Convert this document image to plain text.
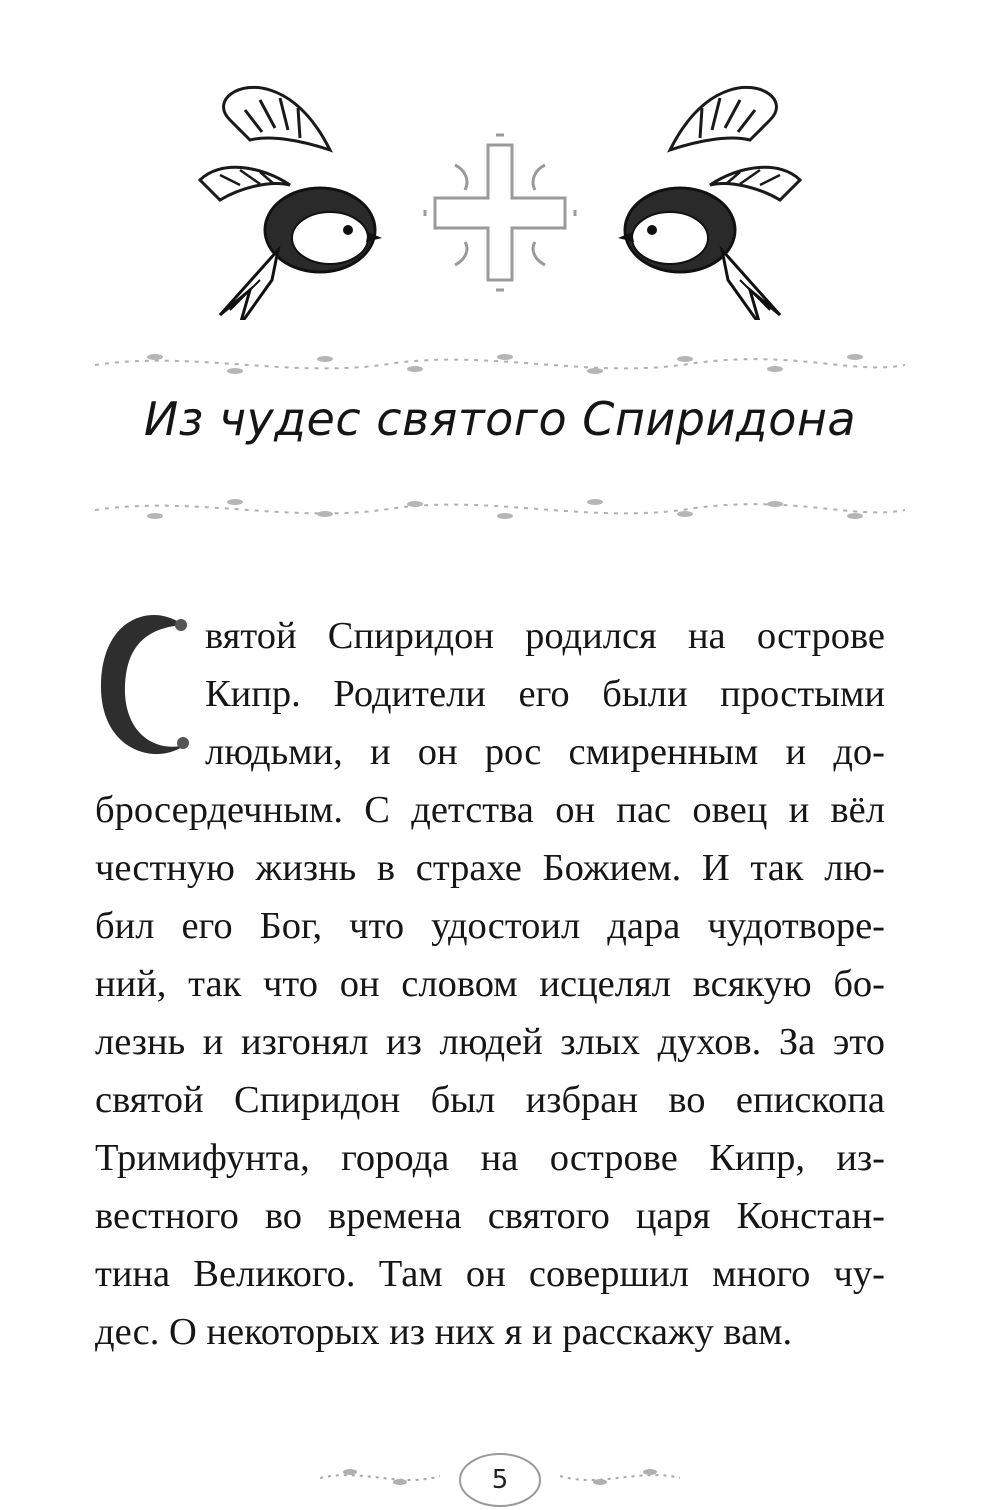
Из чудес святого Спиридона
вятой Спиридон родился на острове
Кипр. Родители его были простыми
людьми, и он рос смиренным и до-
бросердечным. С детства он пас овец и вёл
честную жизнь в страхе Божием. И так лю-
бил его Бог, что удостоил дара чудотворе-
ний, так что он словом исцелял всякую бо-
лезнь и изгонял из людей злых духов. За это
святой Спиридон был избран во епископа
Тримифунта, города на острове Кипр, из-
вестного во времена святого царя Констан-
тина Великого. Там он совершил много чу-
дес. О некоторых из них я и расскажу вам.
5
